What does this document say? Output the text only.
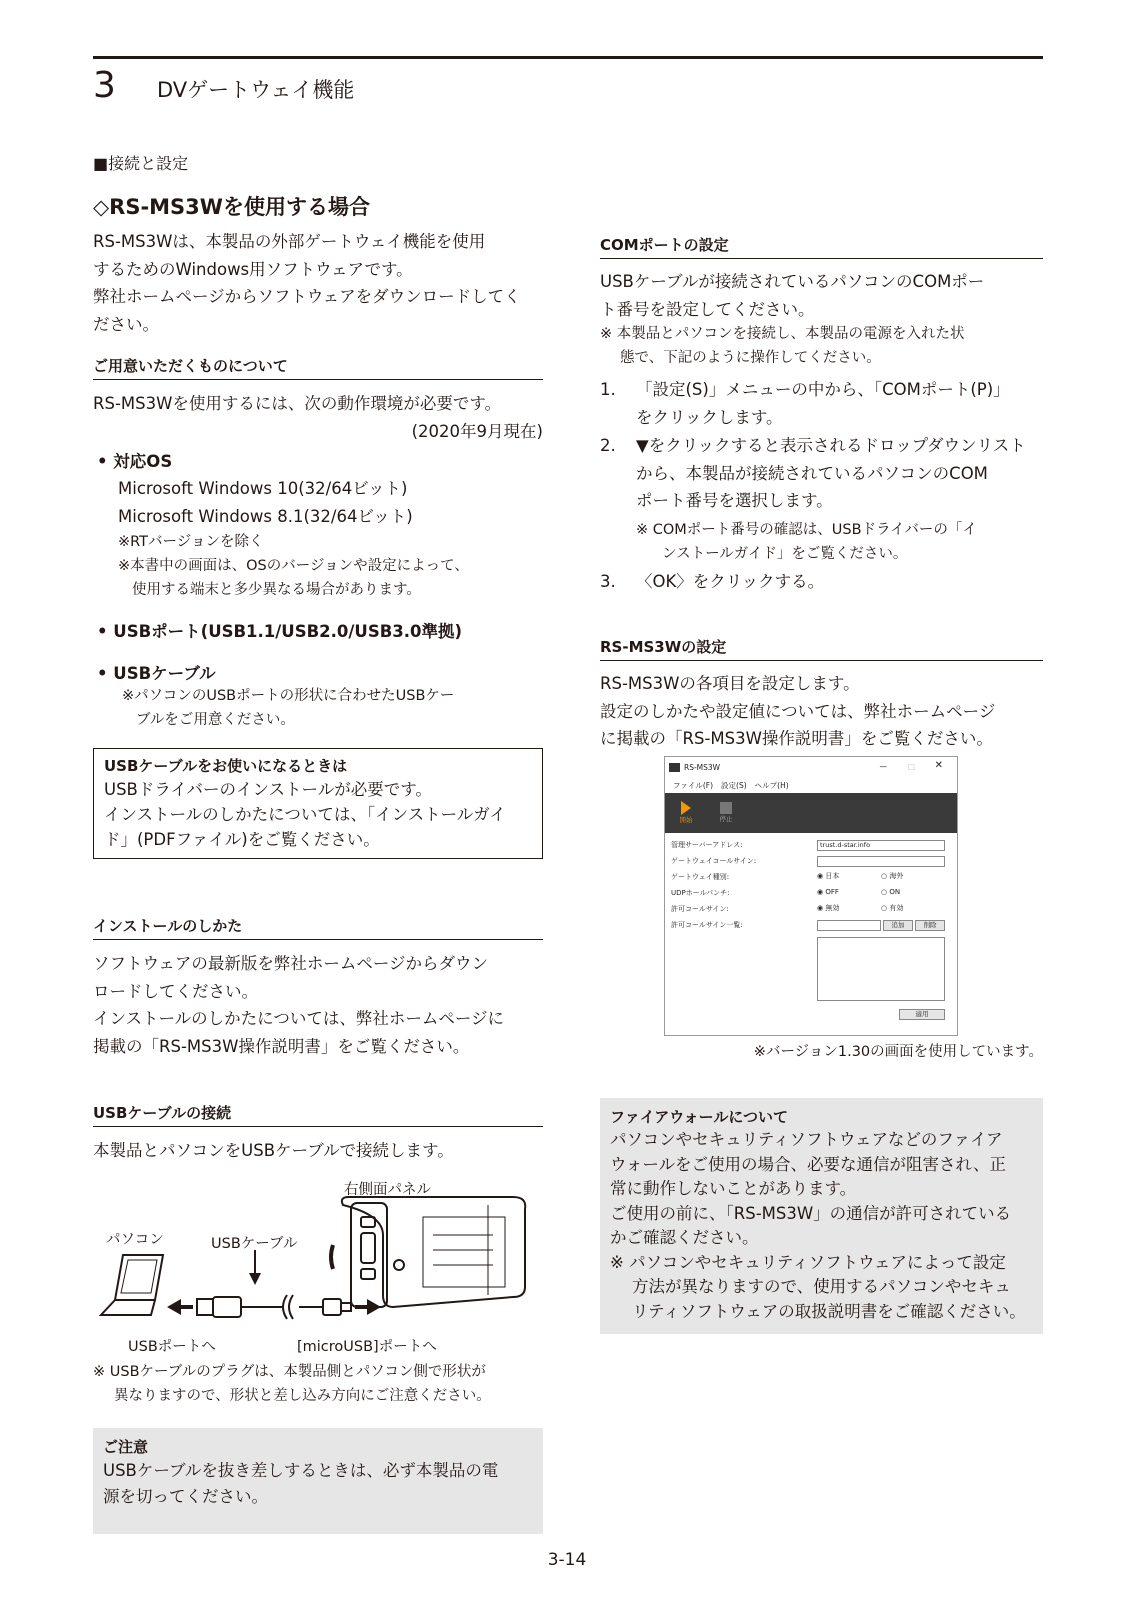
3 DVゲートウェイ機能
■接続と設定
◇RS-MS3Wを使用する場合
RS-MS3Wは、本製品の外部ゲートウェイ機能を使用
するためのWindows用ソフトウェアです。
弊社ホームページからソフトウェアをダウンロードしてく
ださい。
ご用意いただくものについて
RS-MS3Wを使用するには、次の動作環境が必要です。
(2020年9月現在)
• 対応OS
Microsoft Windows 10(32/64ビット)
Microsoft Windows 8.1(32/64ビット)
※RTバージョンを除く
※本書中の画面は、OSのバージョンや設定によって、
使用する端末と多少異なる場合があります。
• USBポート(USB1.1/USB2.0/USB3.0準拠)
• USBケーブル
※パソコンのUSBポートの形状に合わせたUSBケー
ブルをご用意ください。
USBケーブルをお使いになるときは
USBドライバーのインストールが必要です。
インストールのしかたについては、「インストールガイ
ド」(PDFファイル)をご覧ください。
インストールのしかた
ソフトウェアの最新版を弊社ホームページからダウン
ロードしてください。
インストールのしかたについては、弊社ホームページに
掲載の「RS-MS3W操作説明書」をご覧ください。
USBケーブルの接続
本製品とパソコンをUSBケーブルで接続します。
右側面パネル
パソコン	USBケーブル
USBポートへ	[microUSB]ポートへ
※ USBケーブルのプラグは、本製品側とパソコン側で形状が
異なりますので、形状と差し込み方向にご注意ください。
ご注意
USBケーブルを抜き差しするときは、必ず本製品の電
源を切ってください。
COMポートの設定
USBケーブルが接続されているパソコンのCOMポー
ト番号を設定してください。
※ 本製品とパソコンを接続し、本製品の電源を入れた状
態で、下記のように操作してください。
1.	「設定(S)」メニューの中から、「COMポート(P)」
をクリックします。
2.	▼をクリックすると表示されるドロップダウンリスト
から、本製品が接続されているパソコンのCOM
ポート番号を選択します。
※ COMポート番号の確認は、USBドライバーの「イ
ンストールガイド」をご覧ください。
3.	〈OK〉をクリックする。
RS-MS3Wの設定
RS-MS3Wの各項目を設定します。
設定のしかたや設定値については、弊社ホームページ
に掲載の「RS-MS3W操作説明書」をご覧ください。
RS-MS3W	—	□ ✕
ファイル(F) 設定(S) ヘルプ(H)
開始	停止
管理サーバーアドレス:	trust.d-star.info
ゲートウェイコールサイン:
ゲートウェイ種別:	◉ 日本	○ 海外
UDPホールパンチ:	◉ OFF	○ ON
許可コールサイン:	◉ 無効	○ 有効
許可コールサイン一覧:	追加	削除
適用
※バージョン1.30の画面を使用しています。
ファイアウォールについて
パソコンやセキュリティソフトウェアなどのファイア
ウォールをご使用の場合、必要な通信が阻害され、正
常に動作しないことがあります。
ご使用の前に、「RS-MS3W」の通信が許可されている
かご確認ください。
※ パソコンやセキュリティソフトウェアによって設定
方法が異なりますので、使用するパソコンやセキュ
リティソフトウェアの取扱説明書をご確認ください。
3-14
